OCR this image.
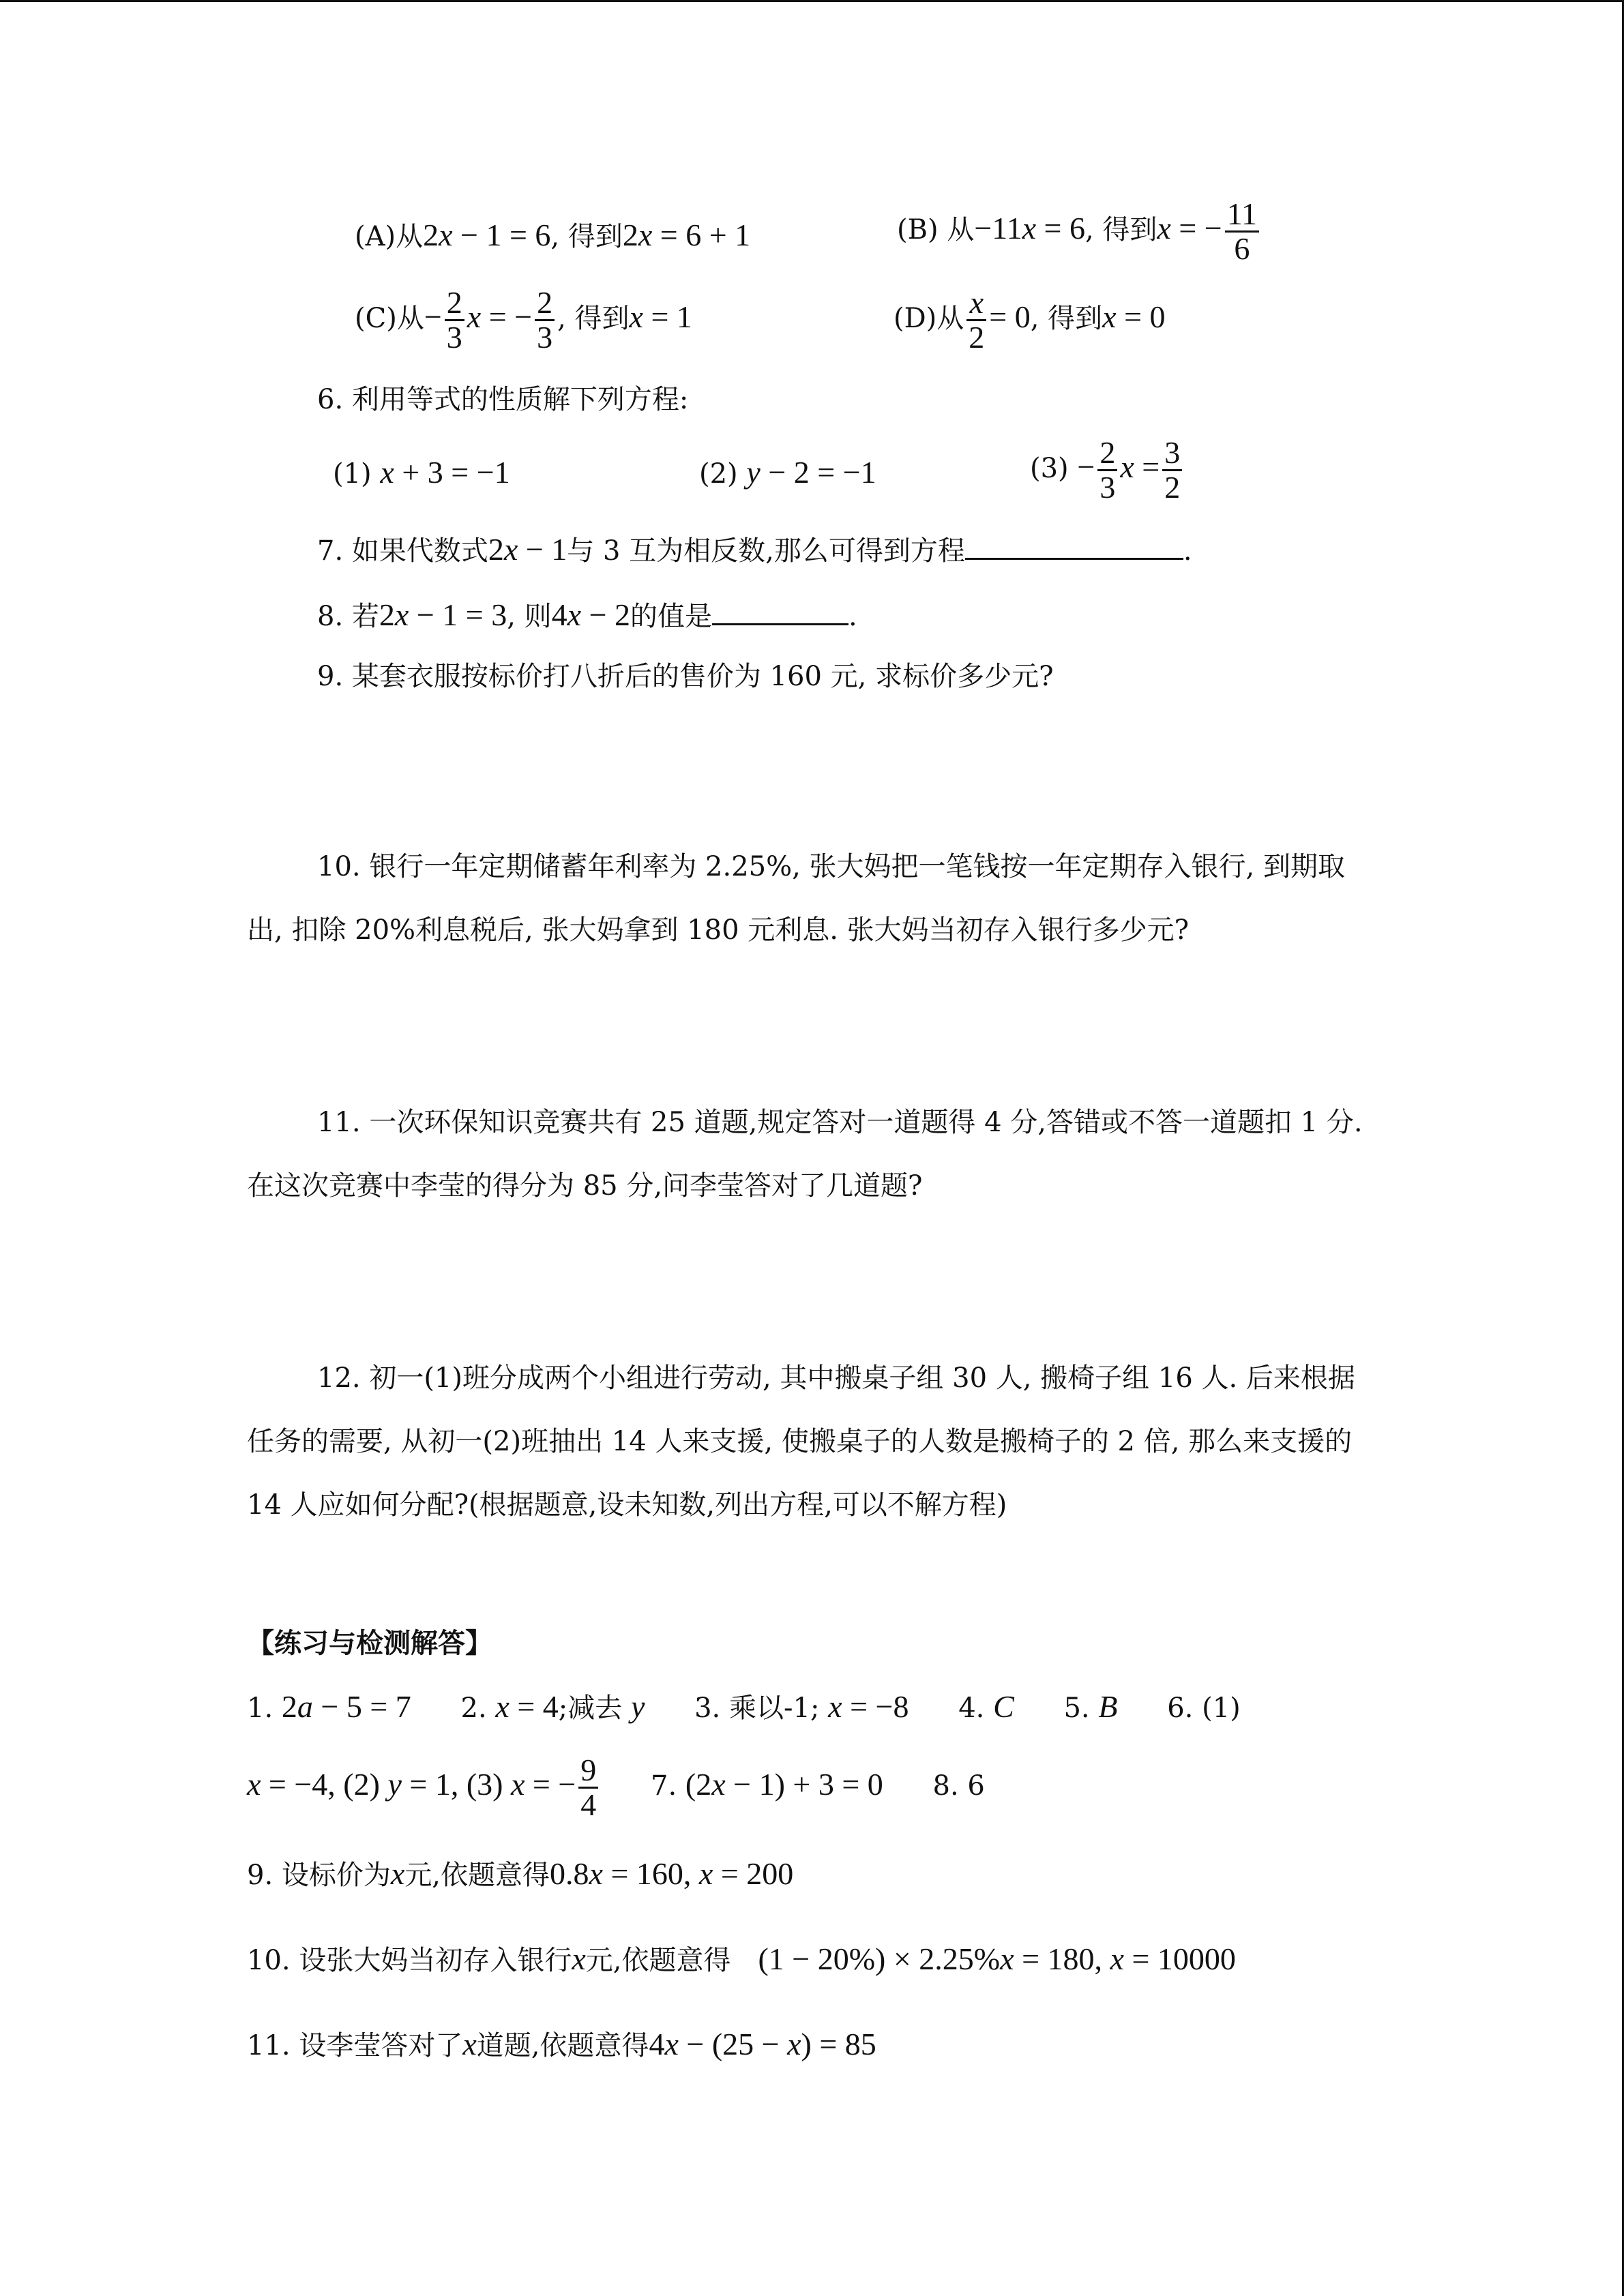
(A)从2x − 1 = 6, 得到2x = 6 + 1	(B) 从−11x = 6, 得到x = − $\frac{11}{6}$
(C)从− $\frac{2}{3}$ x = − $\frac{2}{3}$ , 得到x = 1	(D)从 $\frac{x}{2} = 0$, 得到x = 0
6. 利用等式的性质解下列方程:
(1) x + 3 = −1	(2) y − 2 = −1	$(3) - \frac{2}{3}$ $x = \frac{3}{2}$
7. 如果代数式2x − 1与 3 互为相反数,那么可得到方程	.
8. 若2x − 1 = 3, 则4x − 2的值是	.
9. 某套衣服按标价打八折后的售价为 160 元, 求标价多少元?
10. 银行一年定期储蓄年利率为 2.25%, 张大妈把一笔钱按一年定期存入银行, 到期取出, 扣除 20%利息税后, 张大妈拿到 180 元利息. 张大妈当初存入银行多少元?
11. 一次环保知识竞赛共有 25 道题,规定答对一道题得 4 分,答错或不答一道题扣 1 分.在这次竞赛中李莹的得分为 85 分,问李莹答对了几道题?
12. 初一(1)班分成两个小组进行劳动, 其中搬桌子组 30 人, 搬椅子组 16 人. 后来根据任务的需要, 从初一(2)班抽出 14 人来支援, 使搬桌子的人数是搬椅子的 2 倍, 那么来支援的 14 人应如何分配?(根据题意,设未知数,列出方程,可以不解方程)
【练习与检测解答】
1. 2a − 5 = 7 2. x = 4;减去 y 3. 乘以-1; x = −8 4. C 5. B 6. (1)
x = −4, (2) y = 1, (3) x = − $\frac{9}{4} 7$. (2x − 1) + 3 = 0 8. 6
9. 设标价为x元,依题意得0.8x = 160, x = 200
10. 设张大妈当初存入银行x元,依题意得 (1 − 20%) × 2.25%x = 180, x = 10000
11. 设李莹答对了x道题,依题意得4x − (25 − x) = 85
